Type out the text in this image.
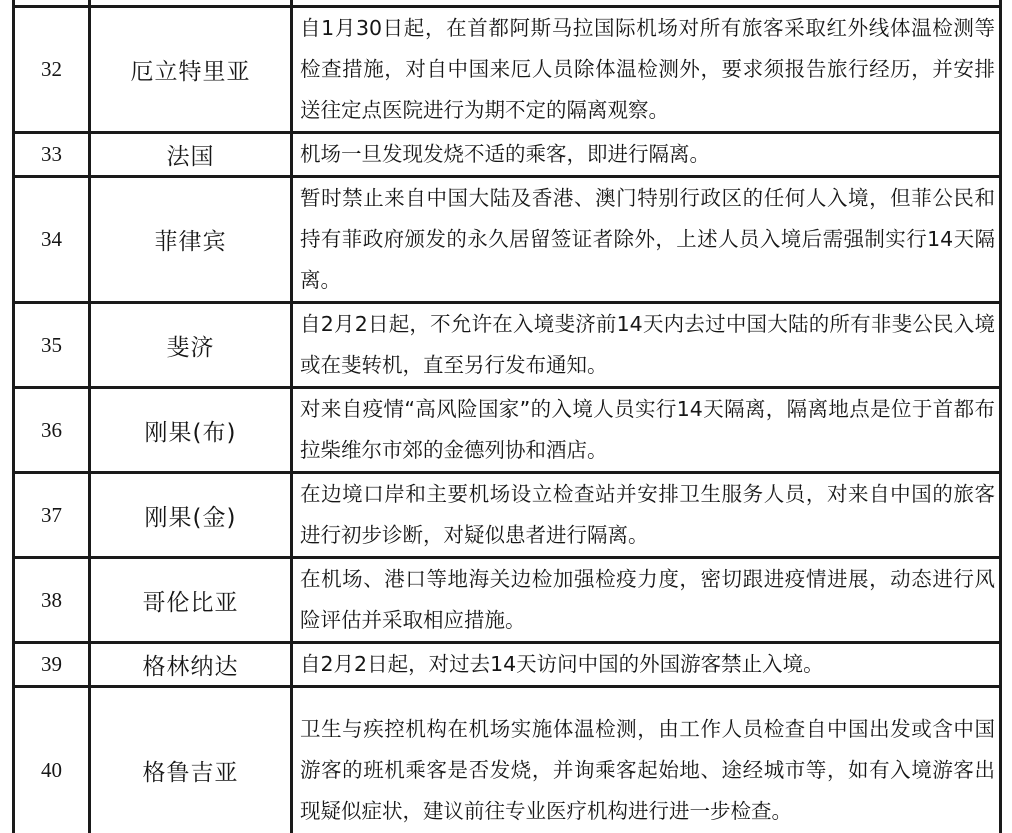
32	厄立特里亚	自1月30日起，在首都阿斯马拉国际机场对所有旅客采取红外线体温检测等检查措施，对自中国来厄人员除体温检测外，要求须报告旅行经历，并安排送往定点医院进行为期不定的隔离观察。
33	法国	机场一旦发现发烧不适的乘客，即进行隔离。
34	菲律宾	暂时禁止来自中国大陆及香港、澳门特别行政区的任何人入境，但菲公民和持有菲政府颁发的永久居留签证者除外，上述人员入境后需强制实行14天隔离。
35	斐济	自2月2日起，不允许在入境斐济前14天内去过中国大陆的所有非斐公民入境或在斐转机，直至另行发布通知。
36	刚果(布)	对来自疫情“高风险国家”的入境人员实行14天隔离，隔离地点是位于首都布拉柴维尔市郊的金德列协和酒店。
37	刚果(金)	在边境口岸和主要机场设立检查站并安排卫生服务人员，对来自中国的旅客进行初步诊断，对疑似患者进行隔离。
38	哥伦比亚	在机场、港口等地海关边检加强检疫力度，密切跟进疫情进展，动态进行风险评估并采取相应措施。
39	格林纳达	自2月2日起，对过去14天访问中国的外国游客禁止入境。
40	格鲁吉亚	卫生与疾控机构在机场实施体温检测，由工作人员检查自中国出发或含中国游客的班机乘客是否发烧，并询乘客起始地、途经城市等，如有入境游客出现疑似症状，建议前往专业医疗机构进行进一步检查。
